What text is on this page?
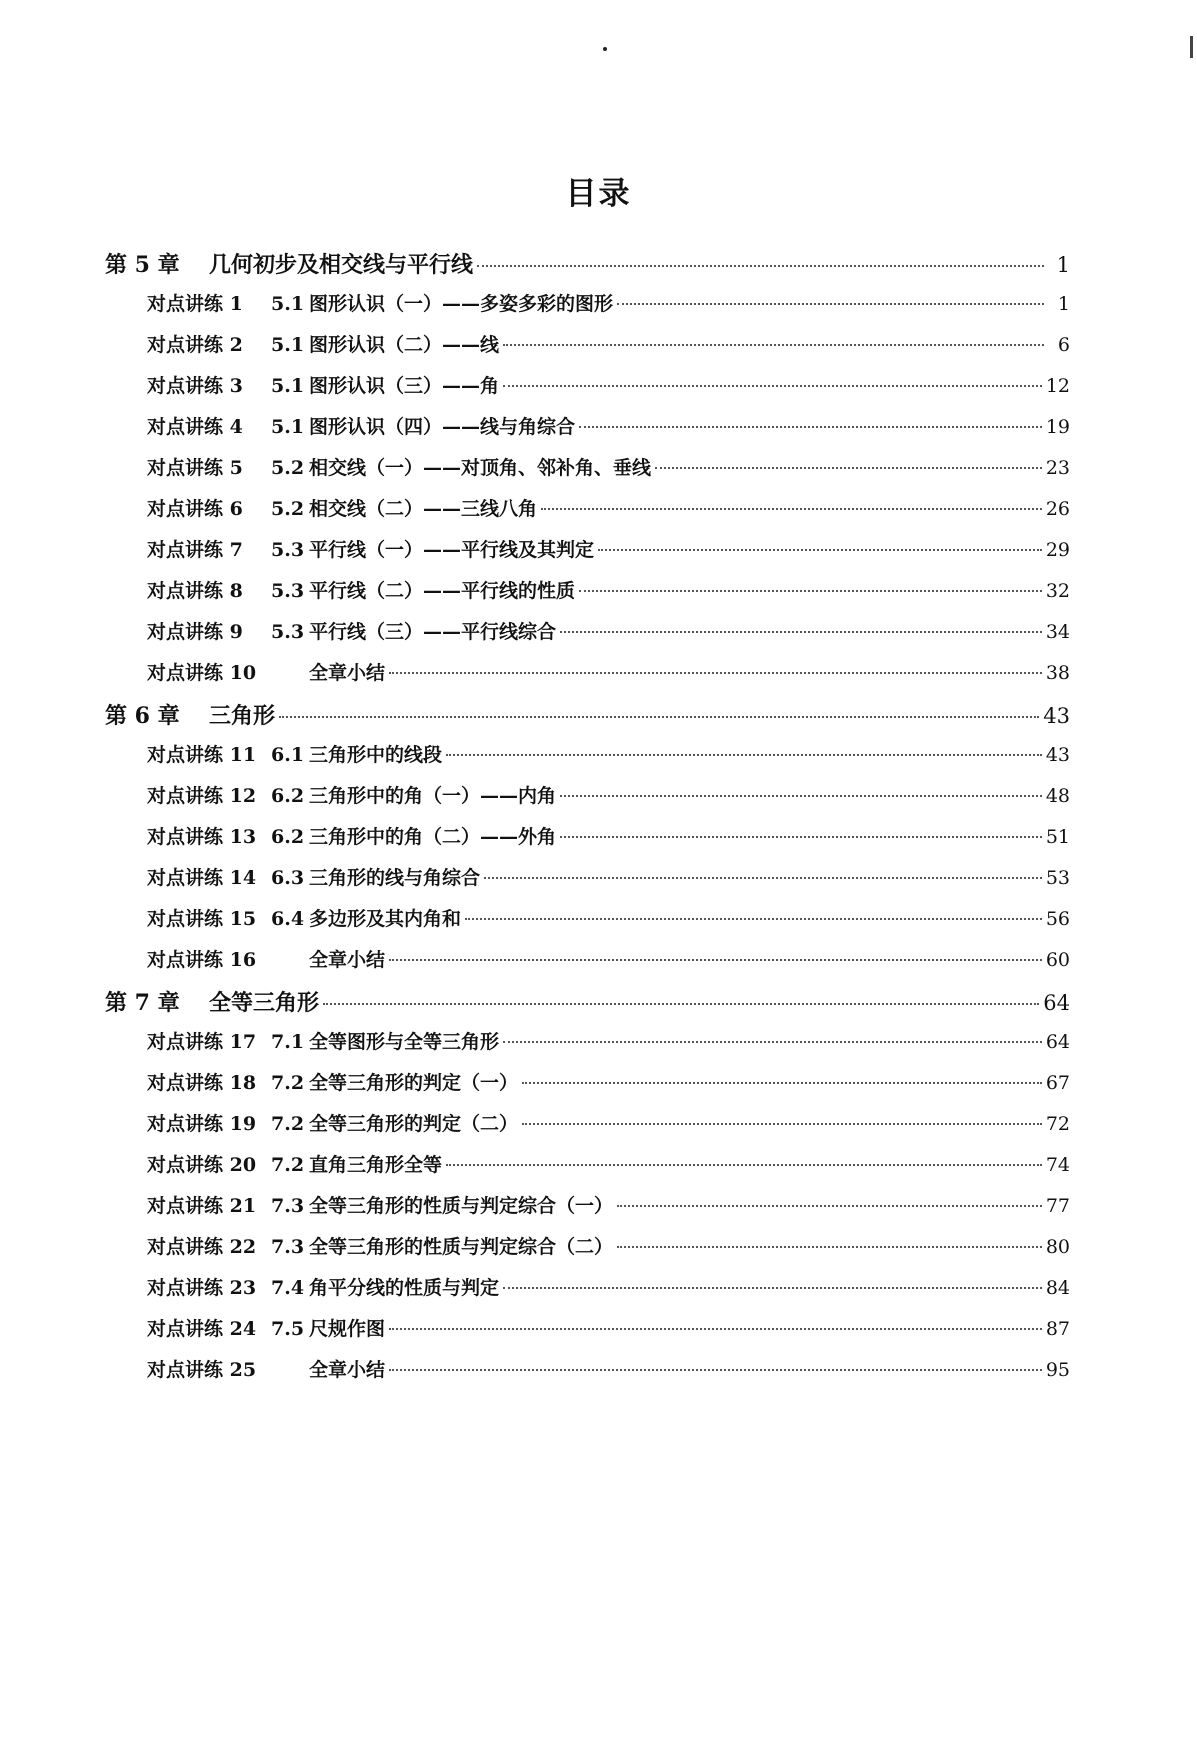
目录
第 5 章	几何初步及相交线与平行线	1
对点讲练 1	5.1 图形认识（一）——多姿多彩的图形	1
对点讲练 2	5.1 图形认识（二）——线	6
对点讲练 3	5.1 图形认识（三）——角	12
对点讲练 4	5.1 图形认识（四）——线与角综合	19
对点讲练 5	5.2 相交线（一）——对顶角、邻补角、垂线	23
对点讲练 6	5.2 相交线（二）——三线八角	26
对点讲练 7	5.3 平行线（一）——平行线及其判定	29
对点讲练 8	5.3 平行线（二）——平行线的性质	32
对点讲练 9	5.3 平行线（三）——平行线综合	34
对点讲练 10	全章小结	38
第 6 章	三角形	43
对点讲练 11 6.1 三角形中的线段	43
对点讲练 12 6.2 三角形中的角（一）——内角	48
对点讲练 13 6.2 三角形中的角（二）——外角	51
对点讲练 14 6.3 三角形的线与角综合	53
对点讲练 15 6.4 多边形及其内角和	56
对点讲练 16	全章小结	60
第 7 章	全等三角形	64
对点讲练 17 7.1 全等图形与全等三角形	64
对点讲练 18 7.2 全等三角形的判定（一）	67
对点讲练 19 7.2 全等三角形的判定（二）	72
对点讲练 20 7.2 直角三角形全等	74
对点讲练 21 7.3 全等三角形的性质与判定综合（一）	77
对点讲练 22 7.3 全等三角形的性质与判定综合（二）	80
对点讲练 23 7.4 角平分线的性质与判定	84
对点讲练 24 7.5 尺规作图	87
对点讲练 25	全章小结	95
